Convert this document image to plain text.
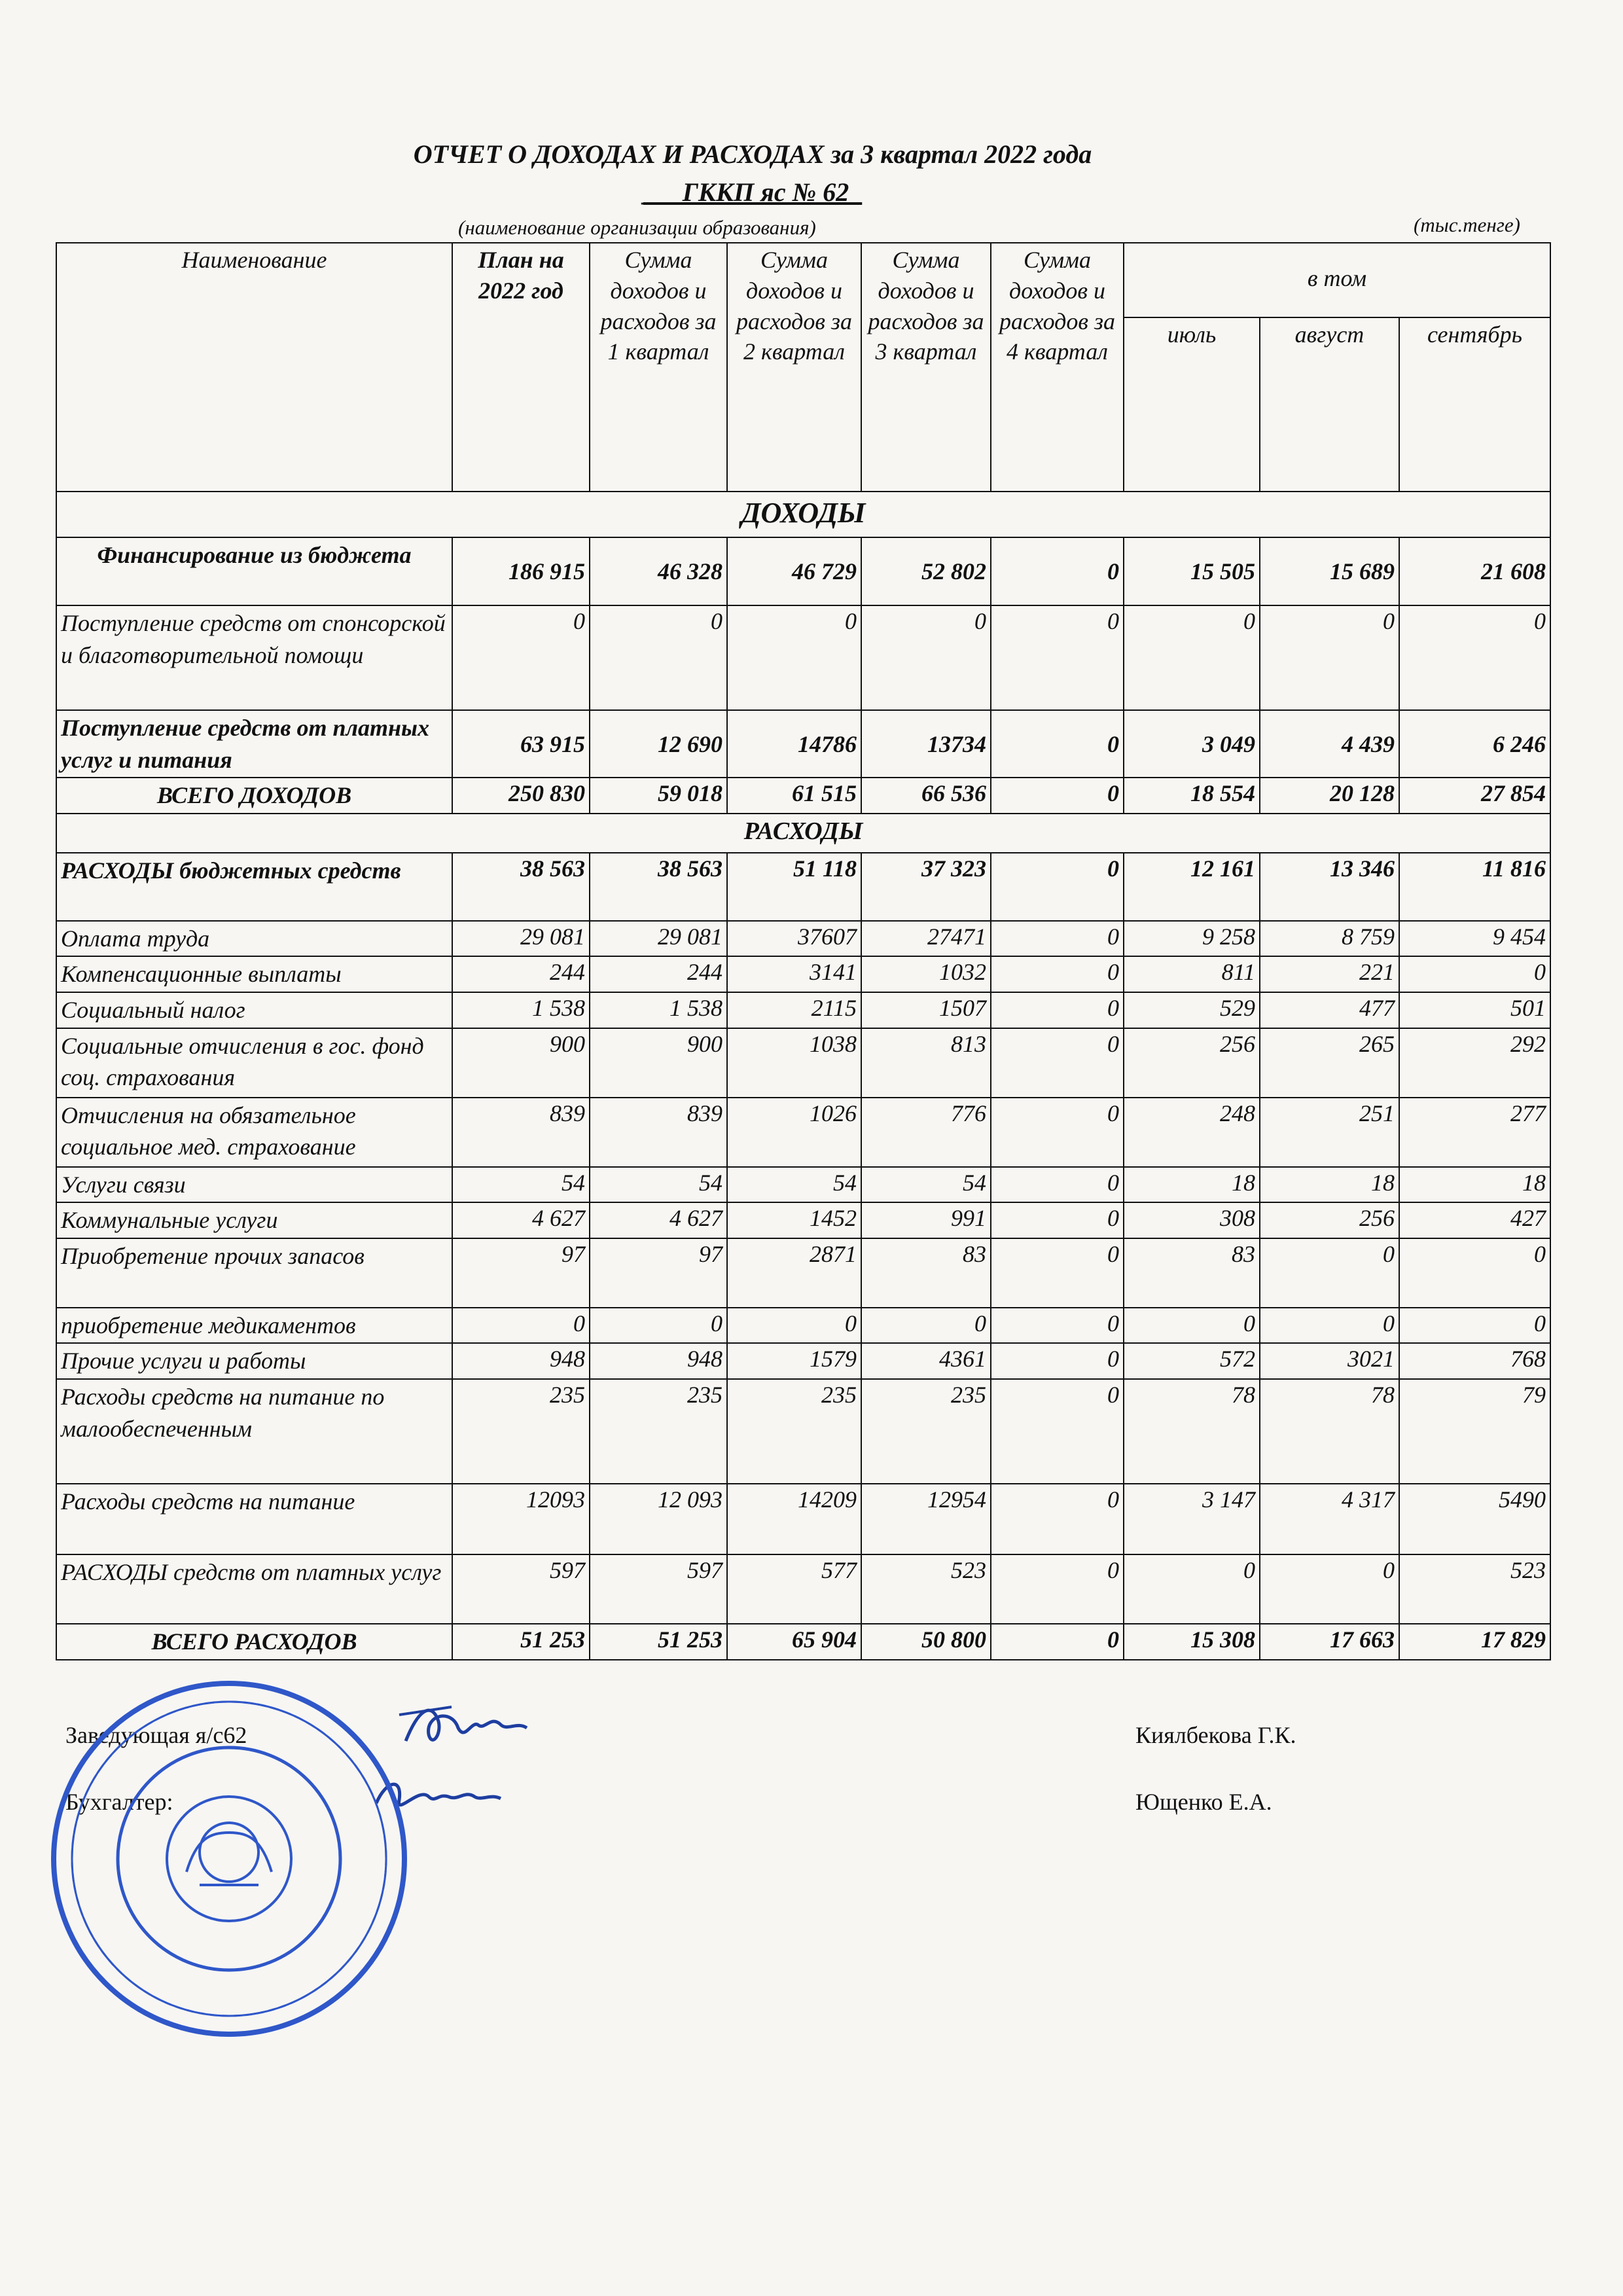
ОТЧЕТ О ДОХОДАХ И РАСХОДАХ за 3 квартал 2022 года
___ГККП яс № 62_
(наименование организации образования)	(тыс.тенге)
Наименование	План на 2022 год	Сумма доходов и расходов за 1 квартал	Сумма доходов и расходов за 2 квартал	Сумма доходов и расходов за 3 квартал	Сумма доходов и расходов за 4 квартал	в том		
						июль	август	сентябрь
ДОХОДЫ								
Финансирование из бюджета	186 915	46 328	46 729	52 802	0	15 505	15 689	21 608
Поступление средств от спонсорской и благотворительной помощи	0	0	0	0	0	0	0	0
Поступление средств от платных услуг и питания	63 915	12 690	14786	13734	0	3 049	4 439	6 246
ВСЕГО ДОХОДОВ	250 830	59 018	61 515	66 536	0	18 554	20 128	27 854
РАСХОДЫ								
РАСХОДЫ бюджетных средств	38 563	38 563	51 118	37 323	0	12 161	13 346	11 816
Оплата труда	29 081	29 081	37607	27471	0	9 258	8 759	9 454
Компенсационные выплаты	244	244	3141	1032	0	811	221	0
Социальный налог	1 538	1 538	2115	1507	0	529	477	501
Социальные отчисления в гос. фонд соц. страхования	900	900	1038	813	0	256	265	292
Отчисления на обязательное социальное мед. страхование	839	839	1026	776	0	248	251	277
Услуги связи	54	54	54	54	0	18	18	18
Коммунальные услуги	4 627	4 627	1452	991	0	308	256	427
Приобретение прочих запасов	97	97	2871	83	0	83	0	0
приобретение медикаментов	0	0	0	0	0	0	0	0
Прочие услуги и работы	948	948	1579	4361	0	572	3021	768
Расходы средств на питание по малообеспеченным	235	235	235	235	0	78	78	79
Расходы средств на питание	12093	12 093	14209	12954	0	3 147	4 317	5490
РАСХОДЫ средств от платных услуг	597	597	577	523	0	0	0	523
ВСЕГО РАСХОДОВ	51 253	51 253	65 904	50 800	0	15 308	17 663	17 829
Заведующая я/с62	Киялбекова Г.К.
Бухгалтер:	Ющенко Е.А.
